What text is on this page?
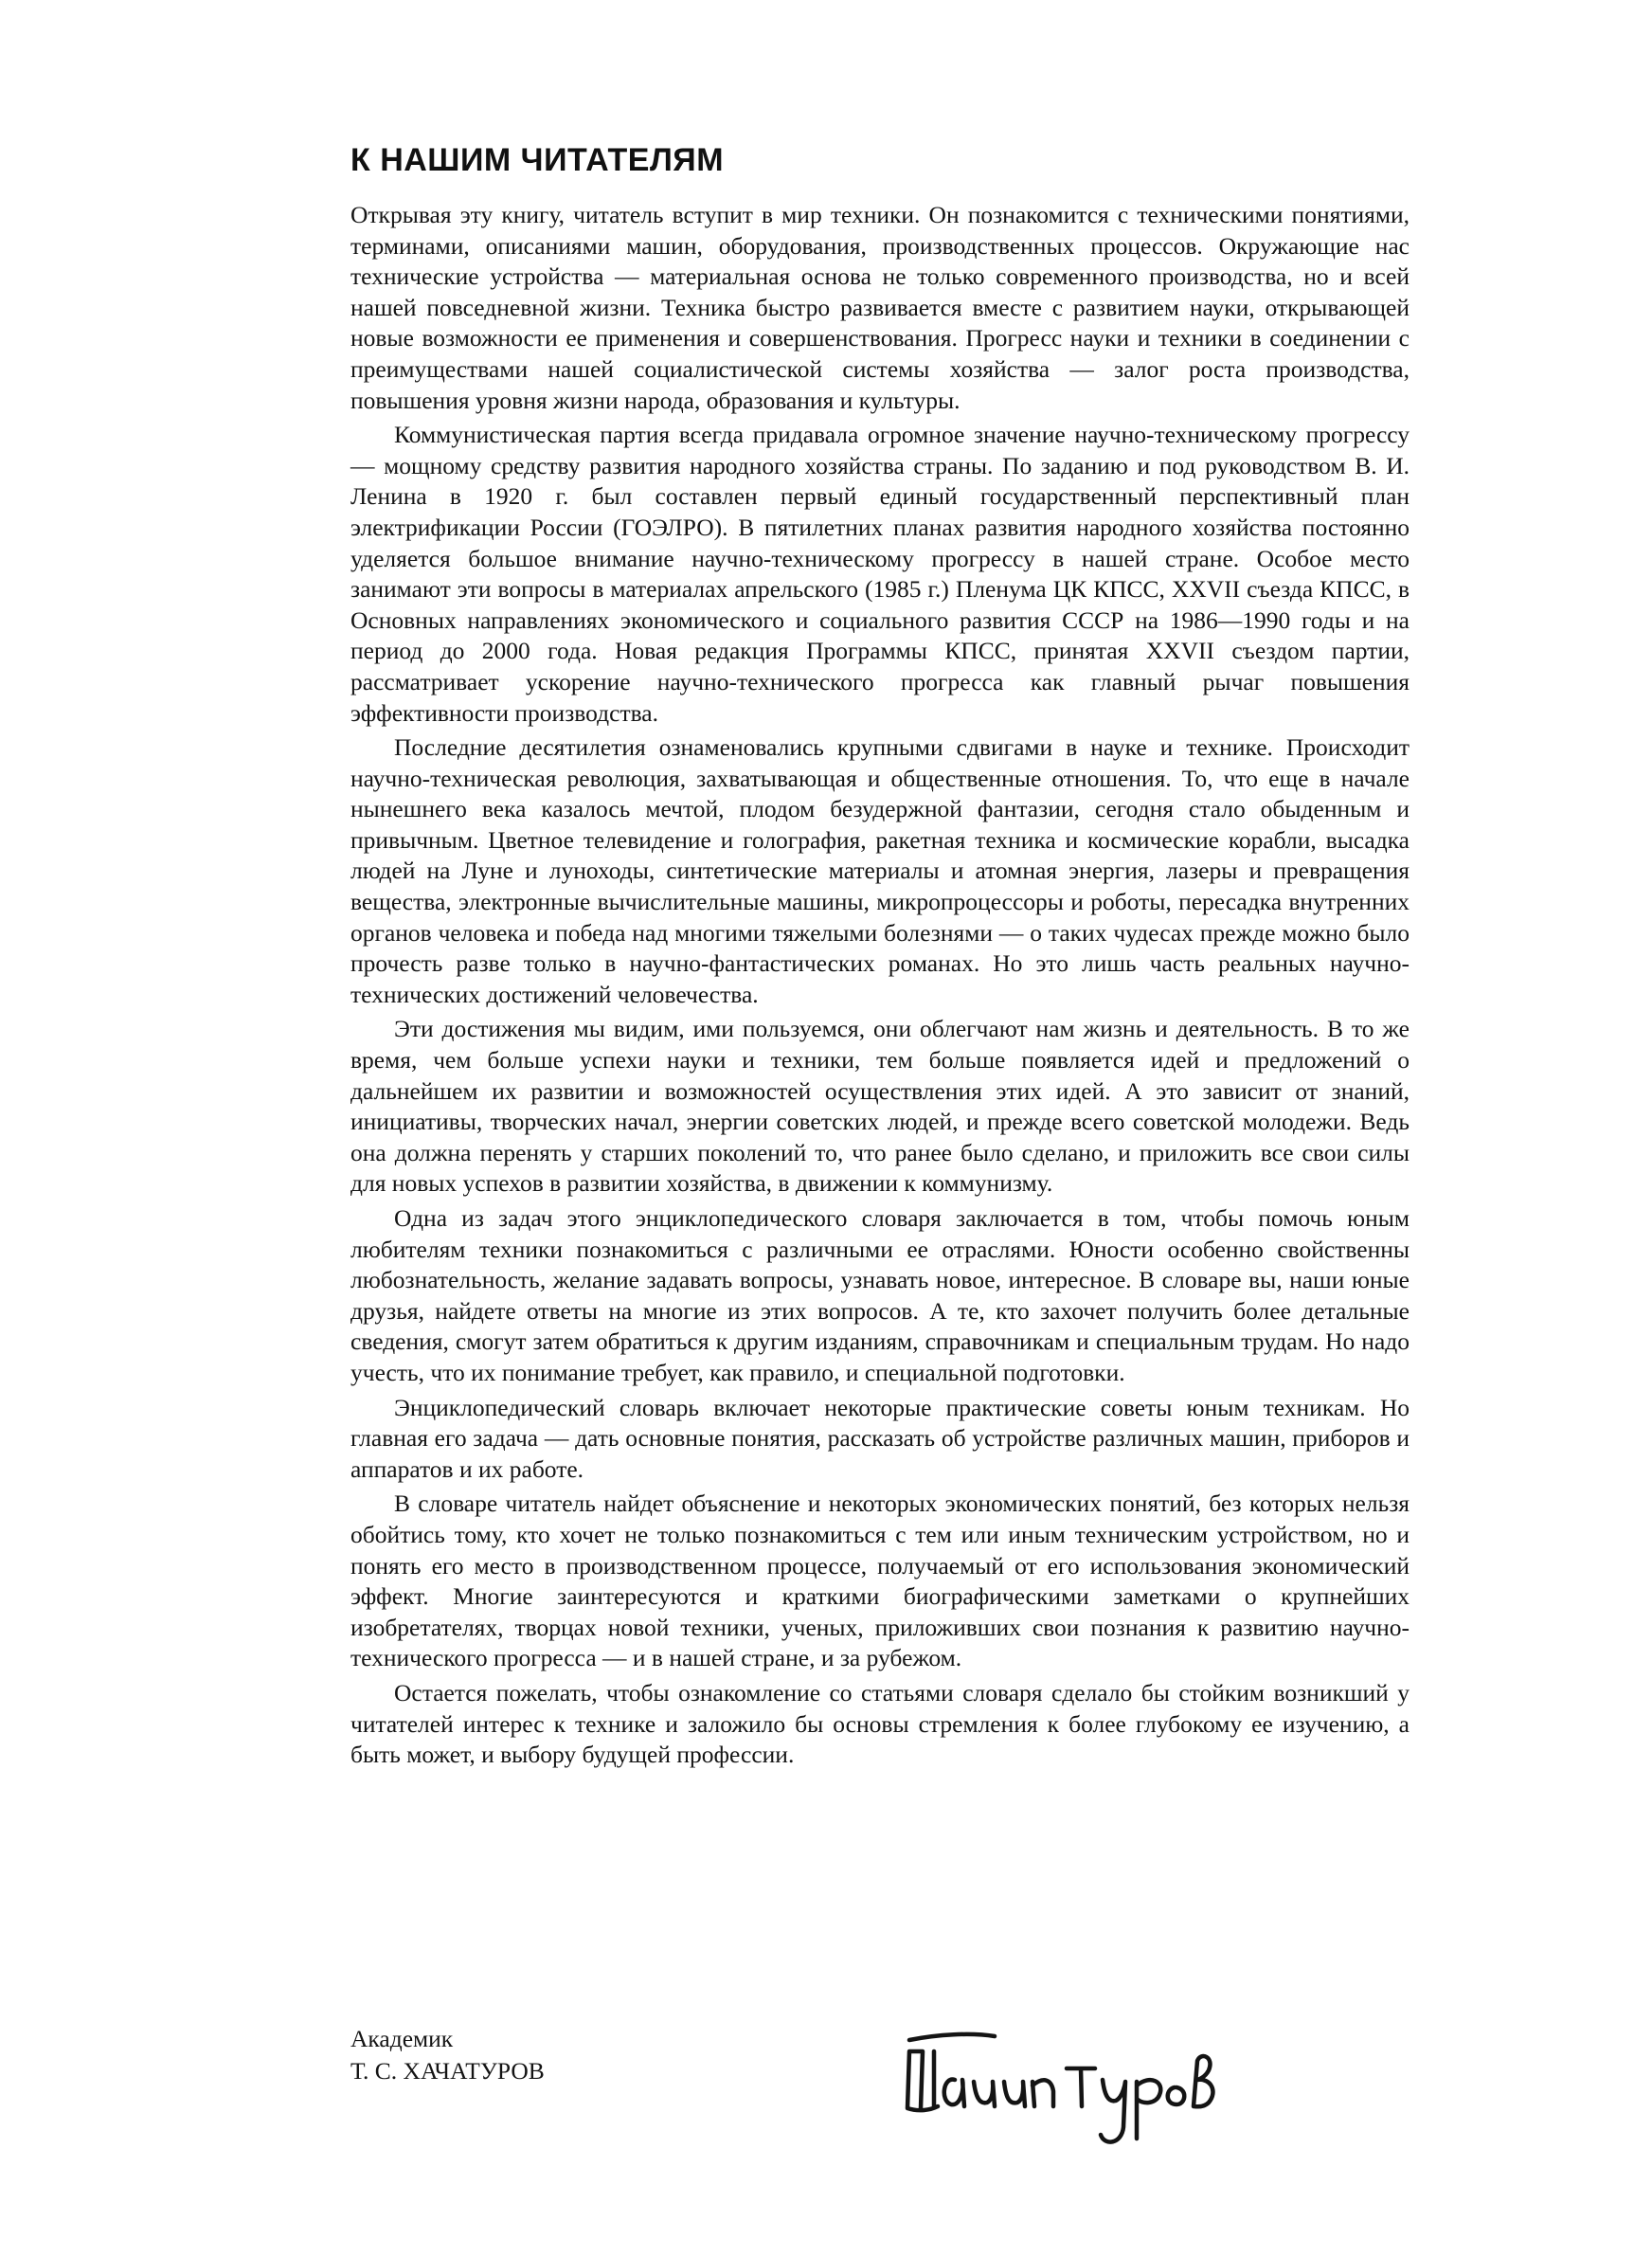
К НАШИМ ЧИТАТЕЛЯМ

Открывая эту книгу, читатель вступит в мир техники. Он познакомится с техническими понятиями, терминами, описаниями машин, оборудования, производственных процессов. Окружающие нас технические устройства — материальная основа не только современного производства, но и всей нашей повседневной жизни. Техника быстро развивается вместе с развитием науки, открывающей новые возможности ее применения и совершенствования. Прогресс науки и техники в соединении с преимуществами нашей социалистической системы хозяйства — залог роста производства, повышения уровня жизни народа, образования и культуры.

Коммунистическая партия всегда придавала огромное значение научно-техническому прогрессу — мощному средству развития народного хозяйства страны. По заданию и под руководством В. И. Ленина в 1920 г. был составлен первый единый государственный перспективный план электрификации России (ГОЭЛРО). В пятилетних планах развития народного хозяйства постоянно уделяется большое внимание научно-техническому прогрессу в нашей стране. Особое место занимают эти вопросы в материалах апрельского (1985 г.) Пленума ЦК КПСС, XXVII съезда КПСС, в Основных направлениях экономического и социального развития СССР на 1986—1990 годы и на период до 2000 года. Новая редакция Программы КПСС, принятая XXVII съездом партии, рассматривает ускорение научно-технического прогресса как главный рычаг повышения эффективности производства.

Последние десятилетия ознаменовались крупными сдвигами в науке и технике. Происходит научно-техническая революция, захватывающая и общественные отношения. То, что еще в начале нынешнего века казалось мечтой, плодом безудержной фантазии, сегодня стало обыденным и привычным. Цветное телевидение и голография, ракетная техника и космические корабли, высадка людей на Луне и луноходы, синтетические материалы и атомная энергия, лазеры и превращения вещества, электронные вычислительные машины, микропроцессоры и роботы, пересадка внутренних органов человека и победа над многими тяжелыми болезнями — о таких чудесах прежде можно было прочесть разве только в научно-фантастических романах. Но это лишь часть реальных научно-технических достижений человечества.

Эти достижения мы видим, ими пользуемся, они облегчают нам жизнь и деятельность. В то же время, чем больше успехи науки и техники, тем больше появляется идей и предложений о дальнейшем их развитии и возможностей осуществления этих идей. А это зависит от знаний, инициативы, творческих начал, энергии советских людей, и прежде всего советской молодежи. Ведь она должна перенять у старших поколений то, что ранее было сделано, и приложить все свои силы для новых успехов в развитии хозяйства, в движении к коммунизму.

Одна из задач этого энциклопедического словаря заключается в том, чтобы помочь юным любителям техники познакомиться с различными ее отраслями. Юности особенно свойственны любознательность, желание задавать вопросы, узнавать новое, интересное. В словаре вы, наши юные друзья, найдете ответы на многие из этих вопросов. А те, кто захочет получить более детальные сведения, смогут затем обратиться к другим изданиям, справочникам и специальным трудам. Но надо учесть, что их понимание требует, как правило, и специальной подготовки.

Энциклопедический словарь включает некоторые практические советы юным техникам. Но главная его задача — дать основные понятия, рассказать об устройстве различных машин, приборов и аппаратов и их работе.

В словаре читатель найдет объяснение и некоторых экономических понятий, без которых нельзя обойтись тому, кто хочет не только познакомиться с тем или иным техническим устройством, но и понять его место в производственном процессе, получаемый от его использования экономический эффект. Многие заинтересуются и краткими биографическими заметками о крупнейших изобретателях, творцах новой техники, ученых, приложивших свои познания к развитию научно-технического прогресса — и в нашей стране, и за рубежом.

Остается пожелать, чтобы ознакомление со статьями словаря сделало бы стойким возникший у читателей интерес к технике и заложило бы основы стремления к более глубокому ее изучению, а быть может, и выбору будущей профессии.

Академик
Т. С. ХАЧАТУРОВ
